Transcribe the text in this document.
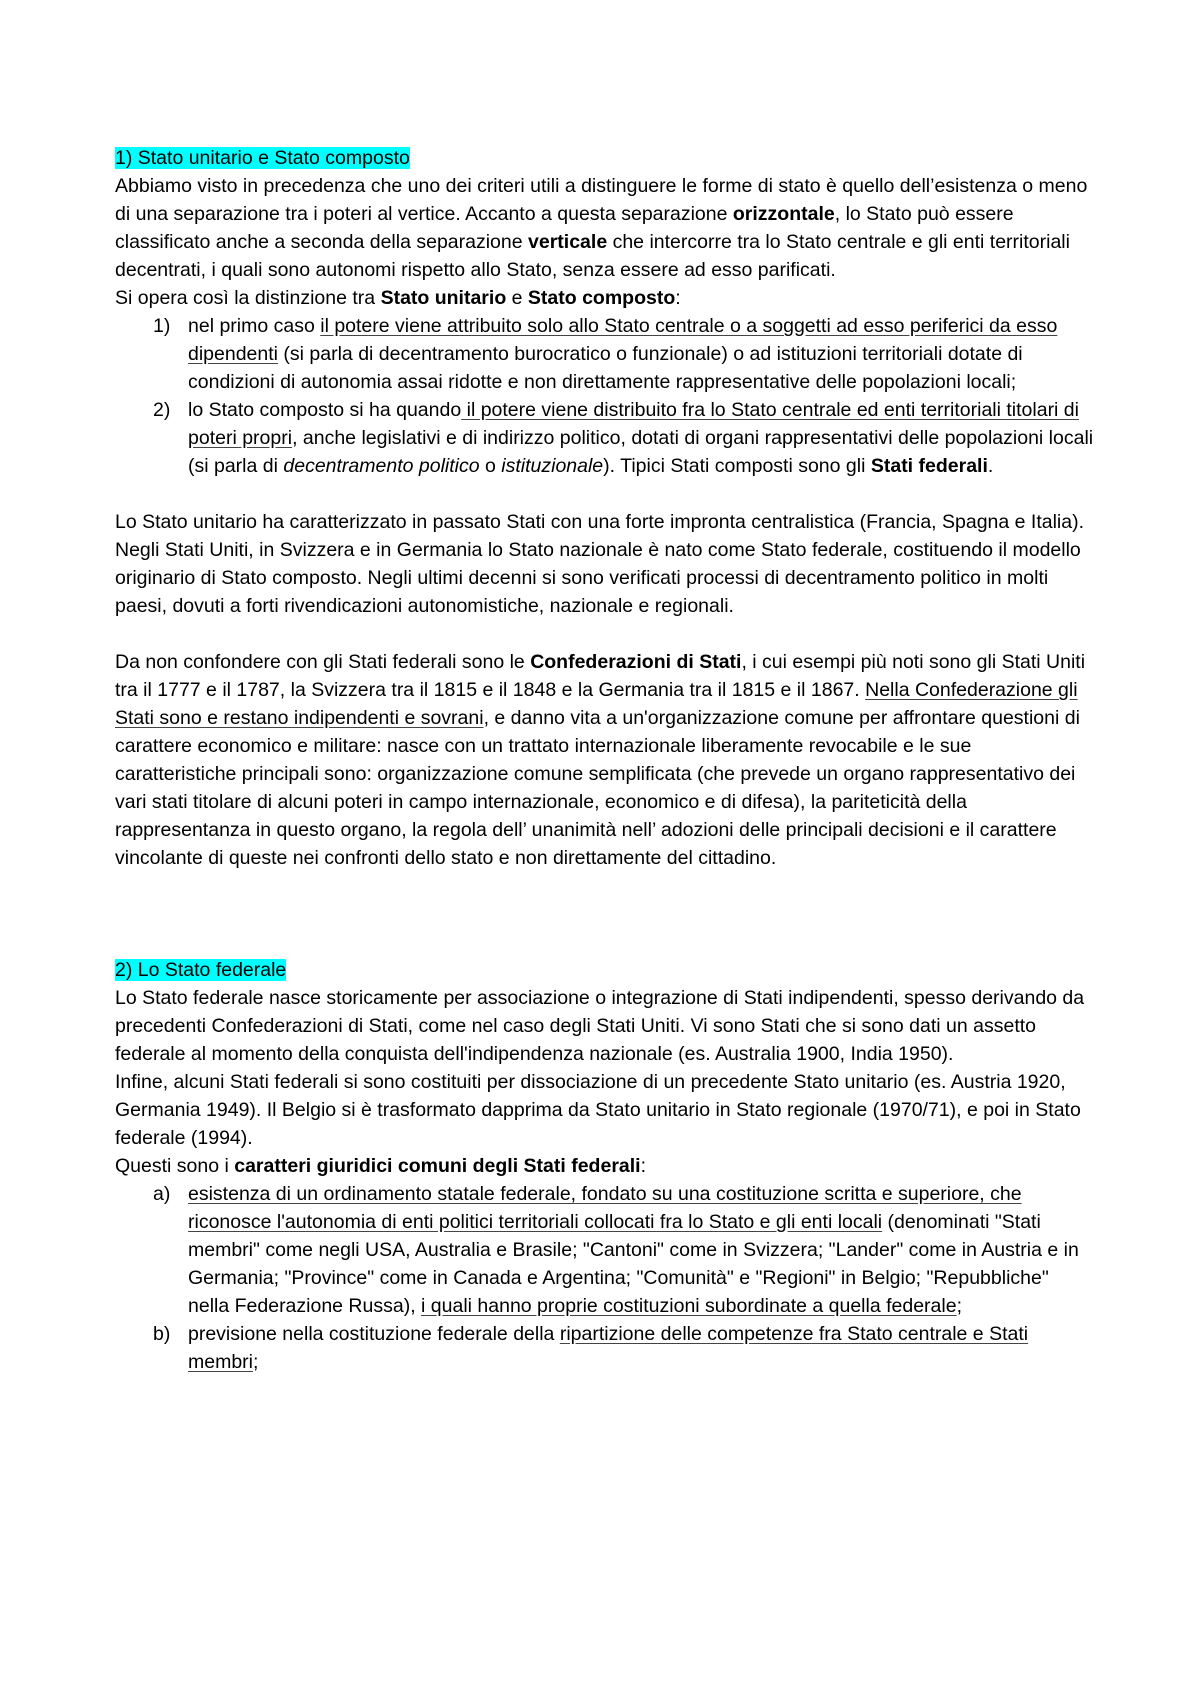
1) Stato unitario e Stato composto

Abbiamo visto in precedenza che uno dei criteri utili a distinguere le forme di stato è quello dell’esistenza o meno di una separazione tra i poteri al vertice. Accanto a questa separazione orizzontale, lo Stato può essere classificato anche a seconda della separazione verticale che intercorre tra lo Stato centrale e gli enti territoriali decentrati, i quali sono autonomi rispetto allo Stato, senza essere ad esso parificati.

Si opera così la distinzione tra Stato unitario e Stato composto:

1) nel primo caso il potere viene attribuito solo allo Stato centrale o a soggetti ad esso periferici da esso dipendenti (si parla di decentramento burocratico o funzionale) o ad istituzioni territoriali dotate di condizioni di autonomia assai ridotte e non direttamente rappresentative delle popolazioni locali;
2) lo Stato composto si ha quando il potere viene distribuito fra lo Stato centrale ed enti territoriali titolari di poteri propri, anche legislativi e di indirizzo politico, dotati di organi rappresentativi delle popolazioni locali (si parla di decentramento politico o istituzionale). Tipici Stati composti sono gli Stati federali.

Lo Stato unitario ha caratterizzato in passato Stati con una forte impronta centralistica (Francia, Spagna e Italia). Negli Stati Uniti, in Svizzera e in Germania lo Stato nazionale è nato come Stato federale, costituendo il modello originario di Stato composto. Negli ultimi decenni si sono verificati processi di decentramento politico in molti paesi, dovuti a forti rivendicazioni autonomistiche, nazionale e regionali.

Da non confondere con gli Stati federali sono le Confederazioni di Stati, i cui esempi più noti sono gli Stati Uniti tra il 1777 e il 1787, la Svizzera tra il 1815 e il 1848 e la Germania tra il 1815 e il 1867. Nella Confederazione gli Stati sono e restano indipendenti e sovrani, e danno vita a un'organizzazione comune per affrontare questioni di carattere economico e militare: nasce con un trattato internazionale liberamente revocabile e le sue caratteristiche principali sono: organizzazione comune semplificata (che prevede un organo rappresentativo dei vari stati titolare di alcuni poteri in campo internazionale, economico e di difesa), la pariteticità della rappresentanza in questo organo, la regola dell’ unanimità nell’ adozioni delle principali decisioni e il carattere vincolante di queste nei confronti dello stato e non direttamente del cittadino.

2) Lo Stato federale

Lo Stato federale nasce storicamente per associazione o integrazione di Stati indipendenti, spesso derivando da precedenti Confederazioni di Stati, come nel caso degli Stati Uniti. Vi sono Stati che si sono dati un assetto federale al momento della conquista dell'indipendenza nazionale (es. Australia 1900, India 1950).

Infine, alcuni Stati federali si sono costituiti per dissociazione di un precedente Stato unitario (es. Austria 1920, Germania 1949). Il Belgio si è trasformato dapprima da Stato unitario in Stato regionale (1970/71), e poi in Stato federale (1994).

Questi sono i caratteri giuridici comuni degli Stati federali:

a) esistenza di un ordinamento statale federale, fondato su una costituzione scritta e superiore, che riconosce l'autonomia di enti politici territoriali collocati fra lo Stato e gli enti locali (denominati "Stati membri" come negli USA, Australia e Brasile; "Cantoni" come in Svizzera; "Lander" come in Austria e in Germania; "Province" come in Canada e Argentina; "Comunità" e "Regioni" in Belgio; "Repubbliche" nella Federazione Russa), i quali hanno proprie costituzioni subordinate a quella federale;
b) previsione nella costituzione federale della ripartizione delle competenze fra Stato centrale e Stati membri;
